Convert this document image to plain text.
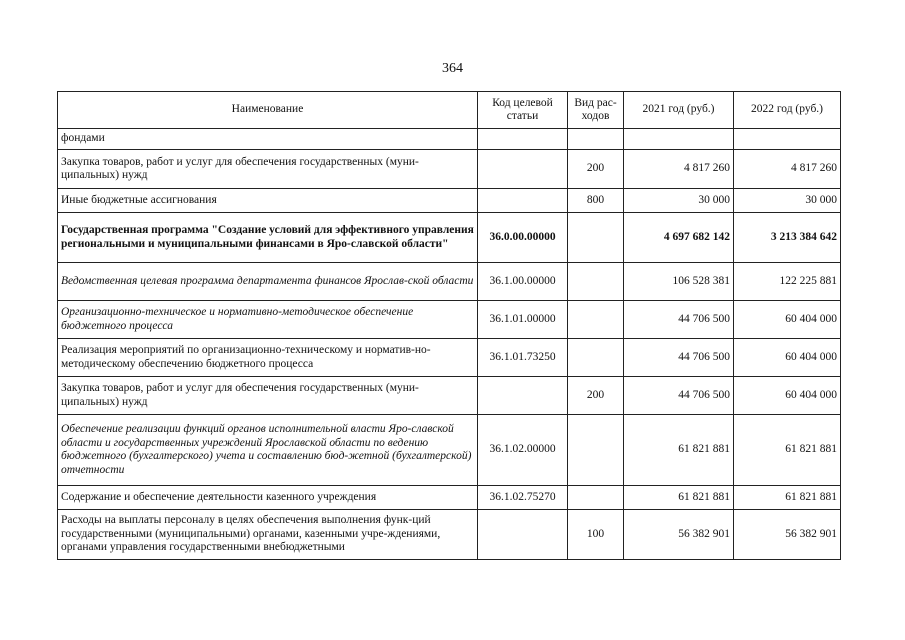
364
Наименование	Код целевой статьи	Вид рас-ходов	2021 год (руб.)	2022 год (руб.)
фондами				
Закупка товаров, работ и услуг для обеспечения государственных (муни-ципальных) нужд		200	4 817 260	4 817 260
Иные бюджетные ассигнования		800	30 000	30 000
Государственная программа "Создание условий для эффективного управления региональными и муниципальными финансами в Яро-славской области"	36.0.00.00000		4 697 682 142	3 213 384 642
Ведомственная целевая программа департамента финансов Ярослав-ской области	36.1.00.00000		106 528 381	122 225 881
Организационно-техническое и нормативно-методическое обеспечение бюджетного процесса	36.1.01.00000		44 706 500	60 404 000
Реализация мероприятий по организационно-техническому и норматив-но-методическому обеспечению бюджетного процесса	36.1.01.73250		44 706 500	60 404 000
Закупка товаров, работ и услуг для обеспечения государственных (муни-ципальных) нужд		200	44 706 500	60 404 000
Обеспечение реализации функций органов исполнительной власти Яро-славской области и государственных учреждений Ярославской области по ведению бюджетного (бухгалтерского) учета и составлению бюд-жетной (бухгалтерской) отчетности	36.1.02.00000		61 821 881	61 821 881
Содержание и обеспечение деятельности казенного учреждения	36.1.02.75270		61 821 881	61 821 881
Расходы на выплаты персоналу в целях обеспечения выполнения функ-ций государственными (муниципальными) органами, казенными учре-ждениями, органами управления государственными внебюджетными		100	56 382 901	56 382 901
